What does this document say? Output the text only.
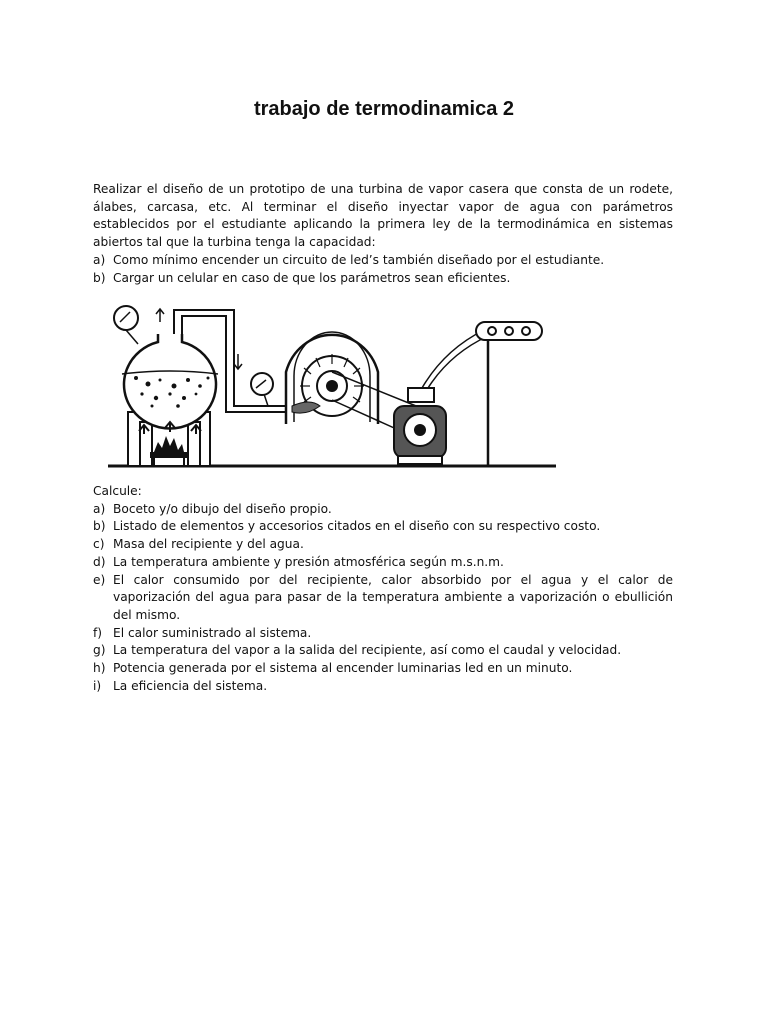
trabajo de termodinamica 2

Realizar el diseño de un prototipo de una turbina de vapor casera que consta de un rodete, álabes, carcasa, etc. Al terminar el diseño inyectar vapor de agua con parámetros establecidos por el estudiante aplicando la primera ley de la termodinámica en sistemas abiertos tal que la turbina tenga la capacidad:

a) Como mínimo encender un circuito de led’s también diseñado por el estudiante.
b) Cargar un celular en caso de que los parámetros sean eficientes.

Calcule:

a) Boceto y/o dibujo del diseño propio.
b) Listado de elementos y accesorios citados en el diseño con su respectivo costo.
c) Masa del recipiente y del agua.
d) La temperatura ambiente y presión atmosférica según m.s.n.m.
e) El calor consumido por del recipiente, calor absorbido por el agua y el calor de vaporización del agua para pasar de la temperatura ambiente a vaporización o ebullición del mismo.
f) El calor suministrado al sistema.
g) La temperatura del vapor a la salida del recipiente, así como el caudal y velocidad.
h) Potencia generada por el sistema al encender luminarias led en un minuto.
i) La eficiencia del sistema.
